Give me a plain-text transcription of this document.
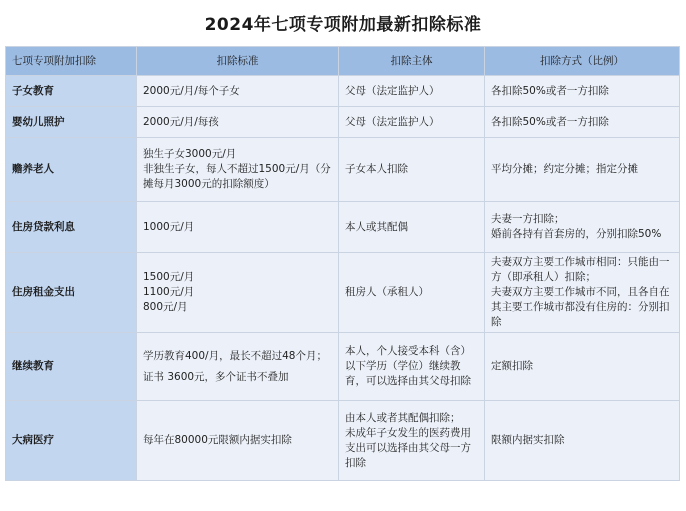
2024年七项专项附加最新扣除标准
七项专项附加扣除	扣除标准	扣除主体	扣除方式（比例）
子女教育	2000元/月/每个子女	父母（法定监护人）	各扣除50%或者一方扣除

婴幼儿照护	2000元/月/每孩	父母（法定监护人）	各扣除50%或者一方扣除

赡养老人	独生子女3000元/月
非独生子女，每人不超过1500元/月（分摊每月3000元的扣除额度）	子女本人扣除	平均分摊；约定分摊；指定分摊

住房贷款利息	1000元/月	本人或其配偶	夫妻一方扣除；
婚前各持有首套房的，分别扣除50%

住房租金支出	1500元/月
1100元/月
800元/月	租房人（承租人）	夫妻双方主要工作城市相同：只能由一方（即承租人）扣除；
夫妻双方主要工作城市不同，且各自在其主要工作城市都没有住房的：分别扣除

继续教育	学历教育400/月，最长不超过48个月；
证书 3600元，多个证书不叠加	本人，个人接受本科（含）以下学历（学位）继续教育，可以选择由其父母扣除	定额扣除

大病医疗	每年在80000元限额内据实扣除	由本人或者其配偶扣除；
未成年子女发生的医药费用支出可以选择由其父母一方扣除	限额内据实扣除
